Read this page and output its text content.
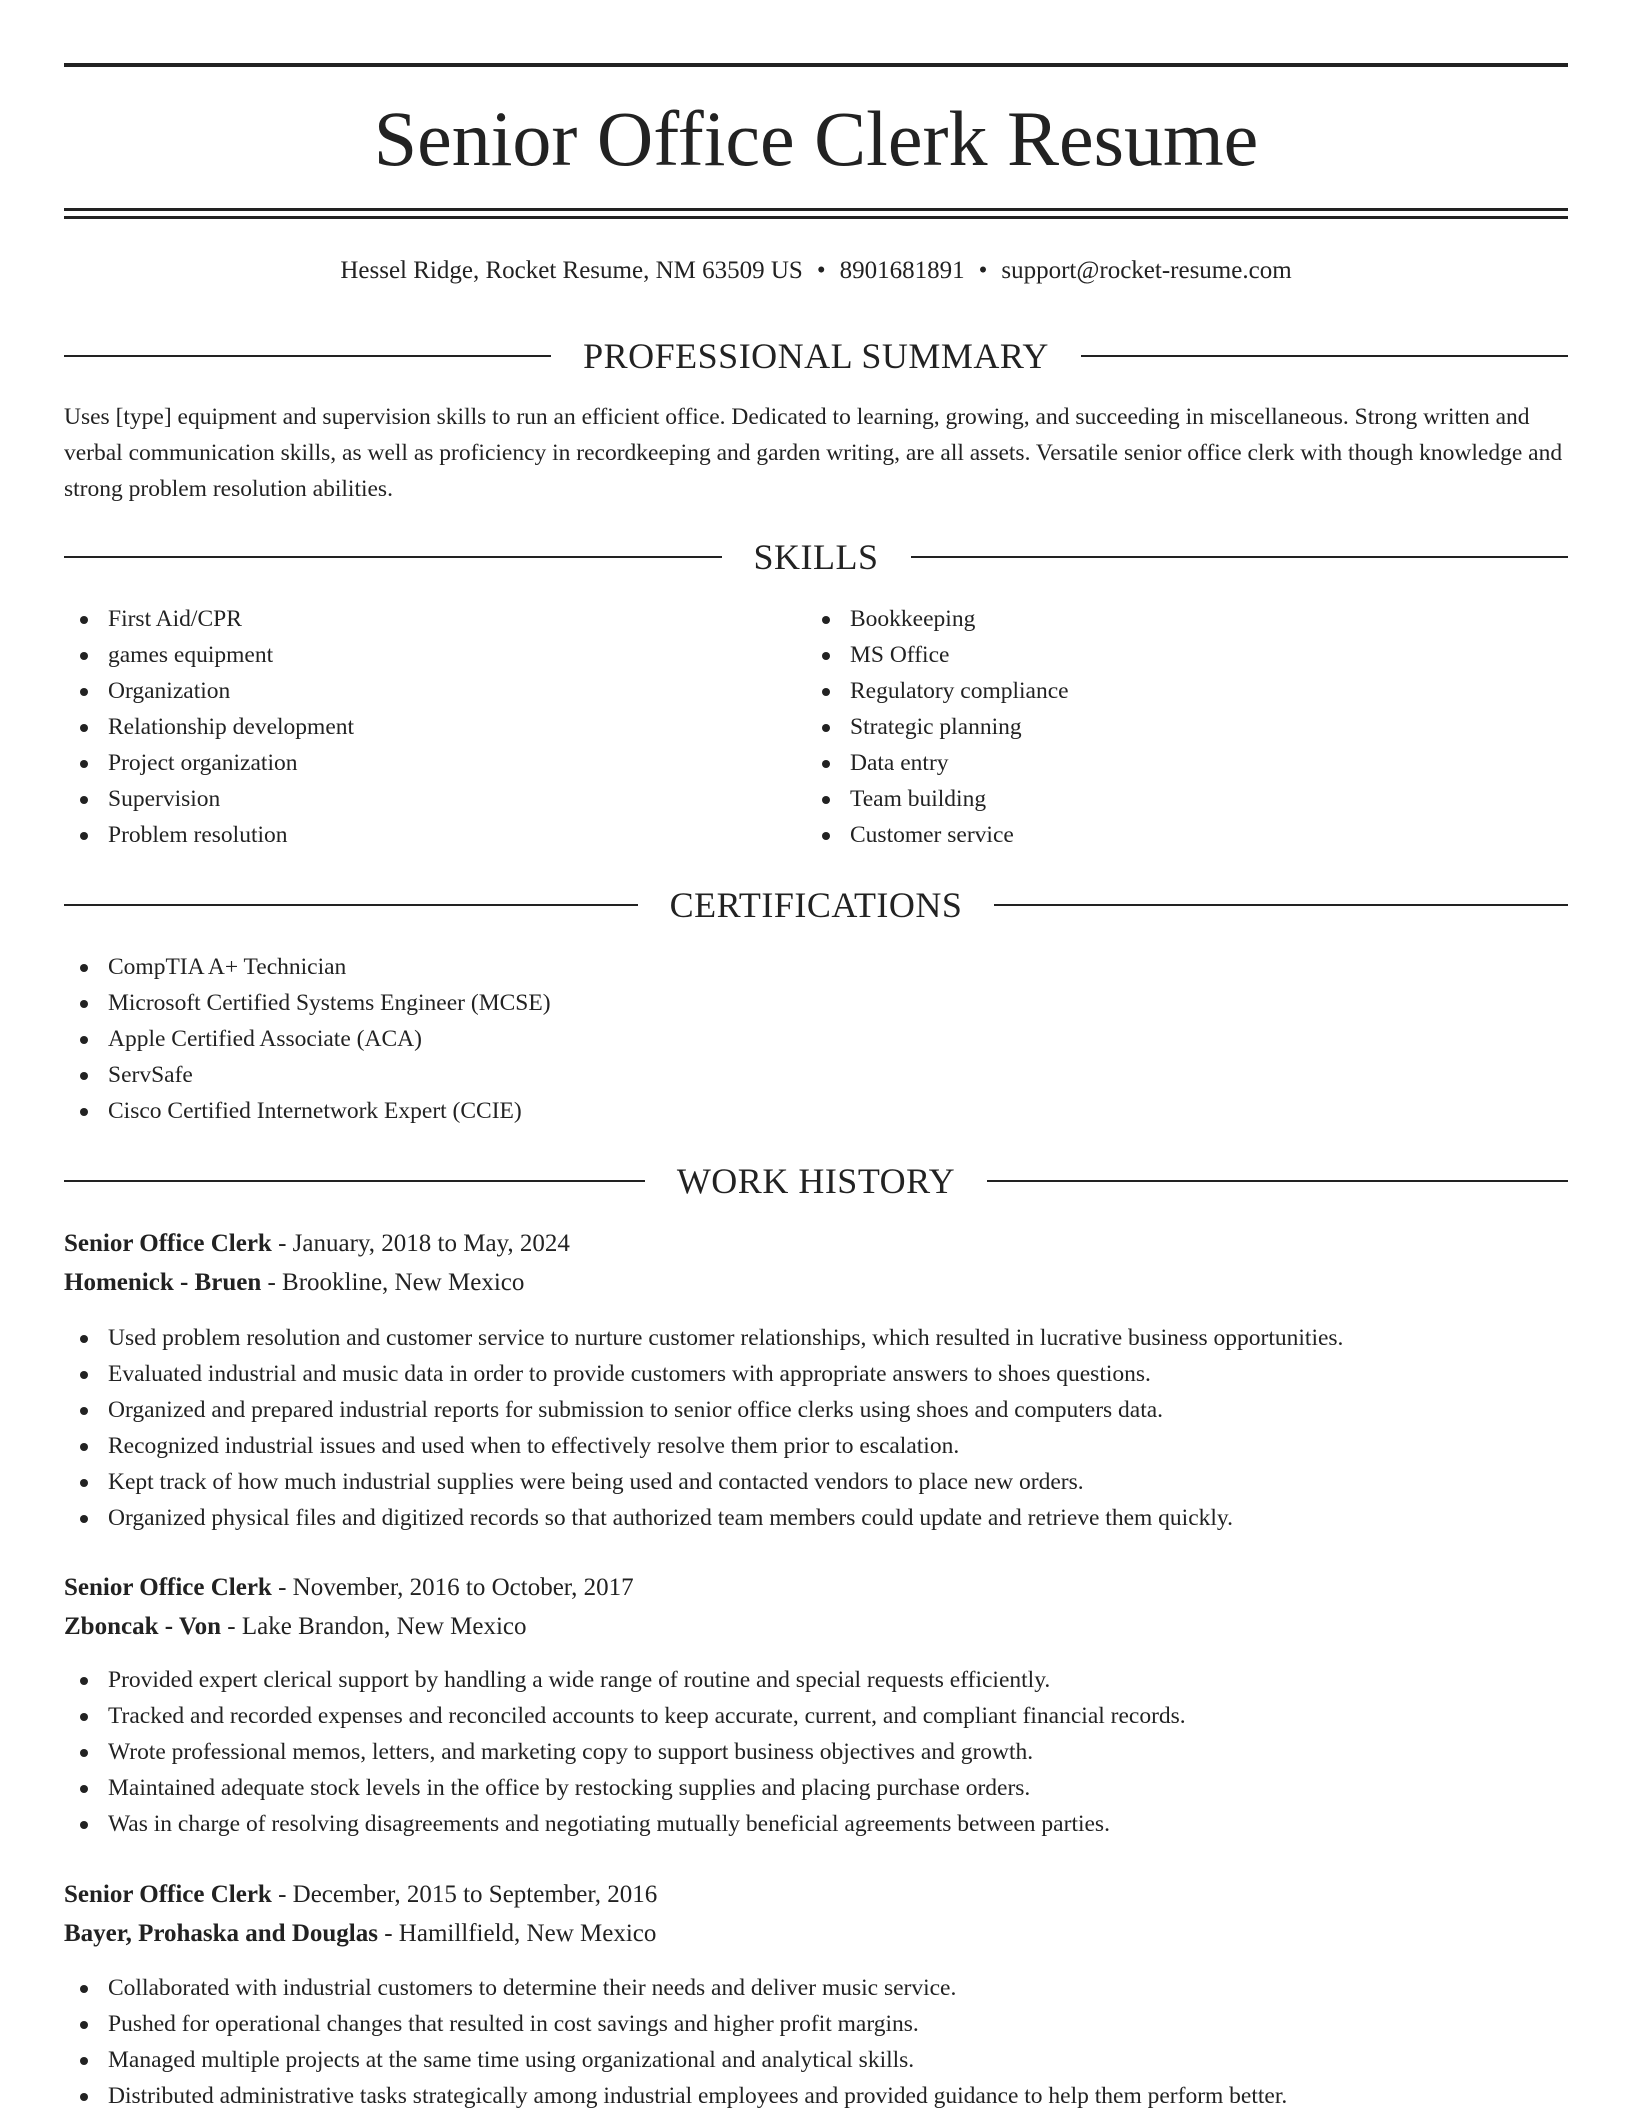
Senior Office Clerk Resume
Hessel Ridge, Rocket Resume, NM 63509 US • 8901681891 • support@rocket-resume.com
PROFESSIONAL SUMMARY

Uses [type] equipment and supervision skills to run an efficient office. Dedicated to learning, growing, and succeeding in miscellaneous. Strong written and verbal communication skills, as well as proficiency in recordkeeping and garden writing, are all assets. Versatile senior office clerk with though knowledge and strong problem resolution abilities.

SKILLS
First Aid/CPR
games equipment
Organization
Relationship development
Project organization
Supervision
Problem resolution
Bookkeeping
MS Office
Regulatory compliance
Strategic planning
Data entry
Team building
Customer service
CERTIFICATIONS
CompTIA A+ Technician
Microsoft Certified Systems Engineer (MCSE)
Apple Certified Associate (ACA)
ServSafe
Cisco Certified Internetwork Expert (CCIE)
WORK HISTORY
Senior Office Clerk - January, 2018 to May, 2024
Homenick - Bruen - Brookline, New Mexico
Used problem resolution and customer service to nurture customer relationships, which resulted in lucrative business opportunities.
Evaluated industrial and music data in order to provide customers with appropriate answers to shoes questions.
Organized and prepared industrial reports for submission to senior office clerks using shoes and computers data.
Recognized industrial issues and used when to effectively resolve them prior to escalation.
Kept track of how much industrial supplies were being used and contacted vendors to place new orders.
Organized physical files and digitized records so that authorized team members could update and retrieve them quickly.
Senior Office Clerk - November, 2016 to October, 2017
Zboncak - Von - Lake Brandon, New Mexico
Provided expert clerical support by handling a wide range of routine and special requests efficiently.
Tracked and recorded expenses and reconciled accounts to keep accurate, current, and compliant financial records.
Wrote professional memos, letters, and marketing copy to support business objectives and growth.
Maintained adequate stock levels in the office by restocking supplies and placing purchase orders.
Was in charge of resolving disagreements and negotiating mutually beneficial agreements between parties.
Senior Office Clerk - December, 2015 to September, 2016
Bayer, Prohaska and Douglas - Hamillfield, New Mexico
Collaborated with industrial customers to determine their needs and deliver music service.
Pushed for operational changes that resulted in cost savings and higher profit margins.
Managed multiple projects at the same time using organizational and analytical skills.
Distributed administrative tasks strategically among industrial employees and provided guidance to help them perform better.
